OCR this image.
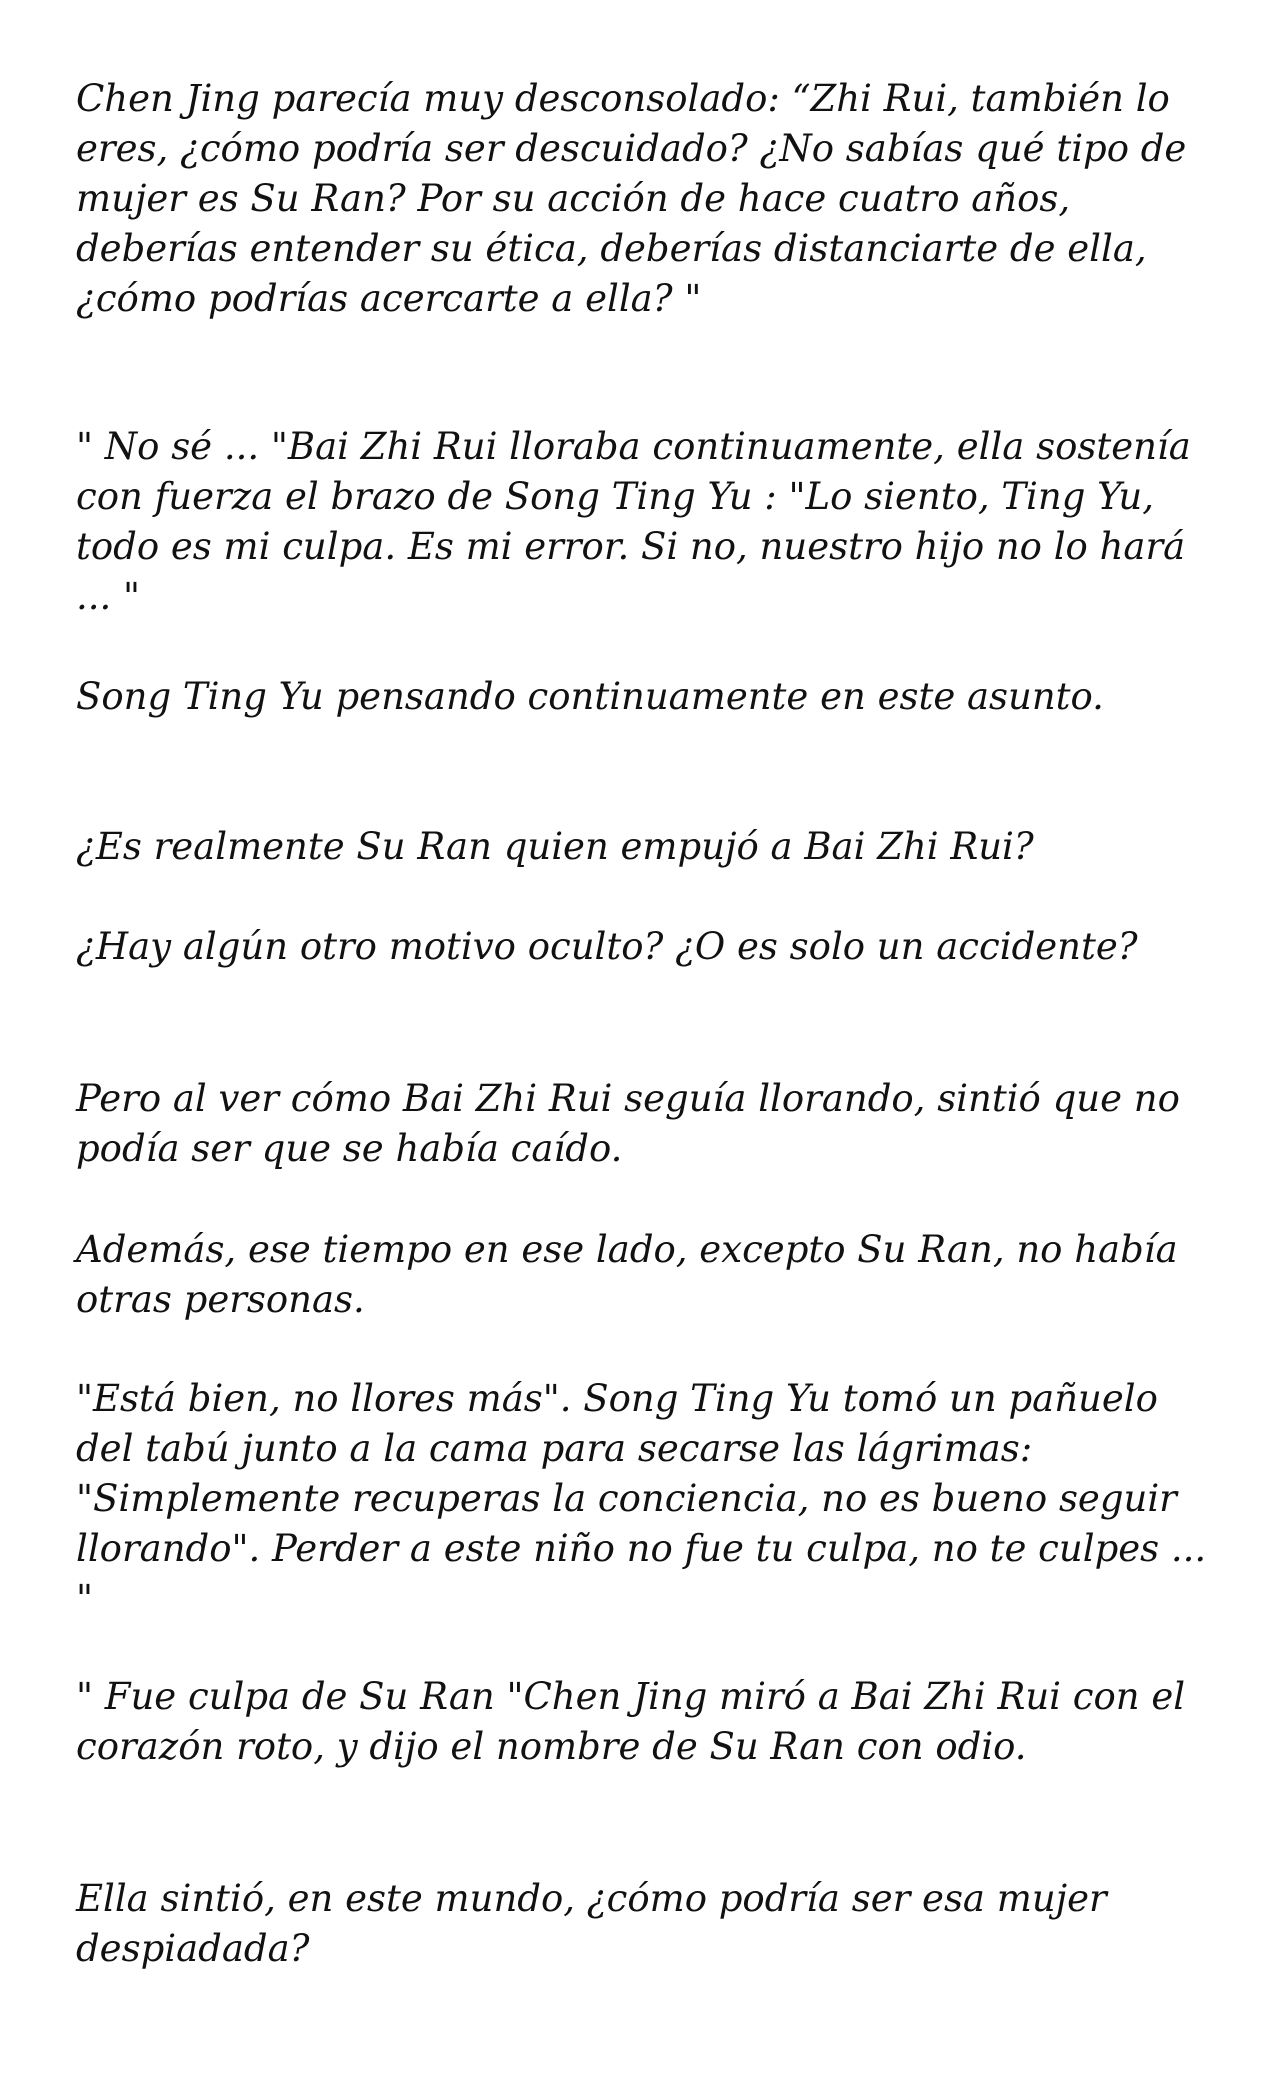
Chen Jing parecía muy desconsolado: “Zhi Rui, también lo eres, ¿cómo podría ser descuidado? ¿No sabías qué tipo de mujer es Su Ran? Por su acción de hace cuatro años, deberías entender su ética, deberías distanciarte de ella, ¿cómo podrías acercarte a ella? "

" No sé ... "Bai Zhi Rui lloraba continuamente, ella sostenía con fuerza el brazo de Song Ting Yu : "Lo siento, Ting Yu, todo es mi culpa. Es mi error. Si no, nuestro hijo no lo hará ... "

Song Ting Yu pensando continuamente en este asunto.

¿Es realmente Su Ran quien empujó a Bai Zhi Rui?

¿Hay algún otro motivo oculto? ¿O es solo un accidente?

Pero al ver cómo Bai Zhi Rui seguía llorando, sintió que no podía ser que se había caído.

Además, ese tiempo en ese lado, excepto Su Ran, no había otras personas.

"Está bien, no llores más". Song Ting Yu tomó un pañuelo del tabú junto a la cama para secarse las lágrimas: "Simplemente recuperas la conciencia, no es bueno seguir llorando". Perder a este niño no fue tu culpa, no te culpes ... "

" Fue culpa de Su Ran "Chen Jing miró a Bai Zhi Rui con el corazón roto, y dijo el nombre de Su Ran con odio.

Ella sintió, en este mundo, ¿cómo podría ser esa mujer despiadada?
